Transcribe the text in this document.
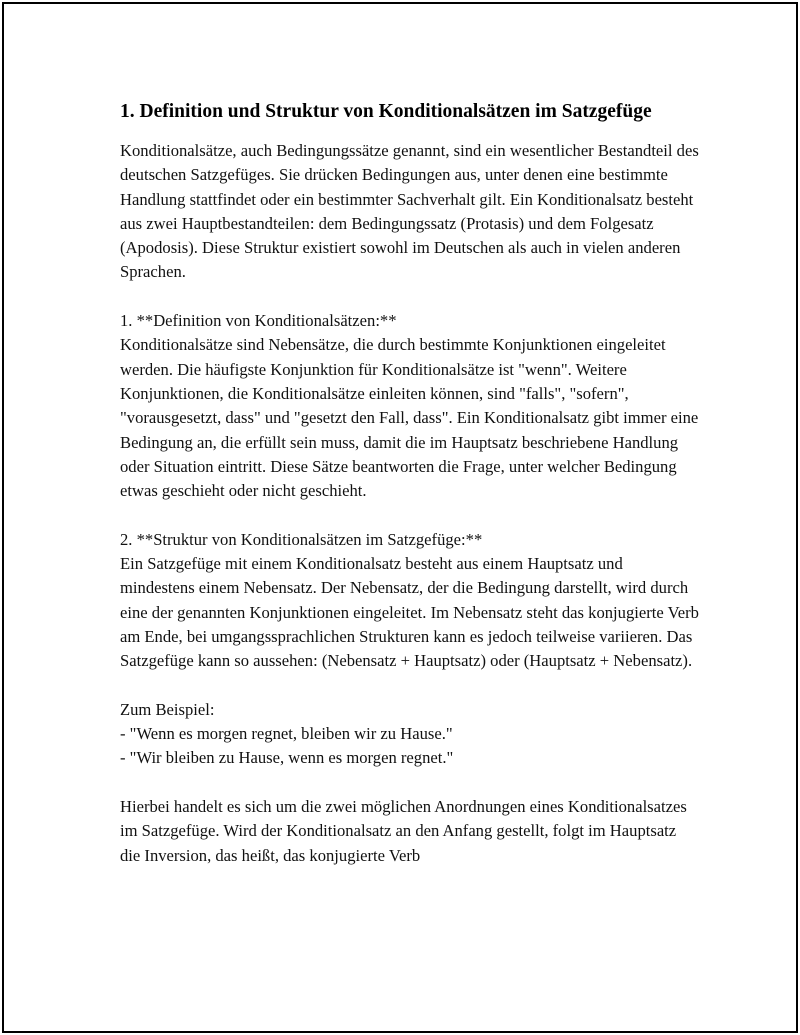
1. Definition und Struktur von Konditionalsätzen im Satzgefüge

Konditionalsätze, auch Bedingungssätze genannt, sind ein wesentlicher Bestandteil des deutschen Satzgefüges. Sie drücken Bedingungen aus, unter denen eine bestimmte Handlung stattfindet oder ein bestimmter Sachverhalt gilt. Ein Konditionalsatz besteht aus zwei Hauptbestandteilen: dem Bedingungssatz (Protasis) und dem Folgesatz (Apodosis). Diese Struktur existiert sowohl im Deutschen als auch in vielen anderen Sprachen.

1. **Definition von Konditionalsätzen:**
Konditionalsätze sind Nebensätze, die durch bestimmte Konjunktionen eingeleitet werden. Die häufigste Konjunktion für Konditionalsätze ist "wenn". Weitere Konjunktionen, die Konditionalsätze einleiten können, sind "falls", "sofern", "vorausgesetzt, dass" und "gesetzt den Fall, dass". Ein Konditionalsatz gibt immer eine Bedingung an, die erfüllt sein muss, damit die im Hauptsatz beschriebene Handlung oder Situation eintritt. Diese Sätze beantworten die Frage, unter welcher Bedingung etwas geschieht oder nicht geschieht.

2. **Struktur von Konditionalsätzen im Satzgefüge:**
Ein Satzgefüge mit einem Konditionalsatz besteht aus einem Hauptsatz und mindestens einem Nebensatz. Der Nebensatz, der die Bedingung darstellt, wird durch eine der genannten Konjunktionen eingeleitet. Im Nebensatz steht das konjugierte Verb am Ende, bei umgangssprachlichen Strukturen kann es jedoch teilweise variieren. Das Satzgefüge kann so aussehen: (Nebensatz + Hauptsatz) oder (Hauptsatz + Nebensatz).

Zum Beispiel:
- "Wenn es morgen regnet, bleiben wir zu Hause."
- "Wir bleiben zu Hause, wenn es morgen regnet."

Hierbei handelt es sich um die zwei möglichen Anordnungen eines Konditionalsatzes im Satzgefüge. Wird der Konditionalsatz an den Anfang gestellt, folgt im Hauptsatz die Inversion, das heißt, das konjugierte Verb
